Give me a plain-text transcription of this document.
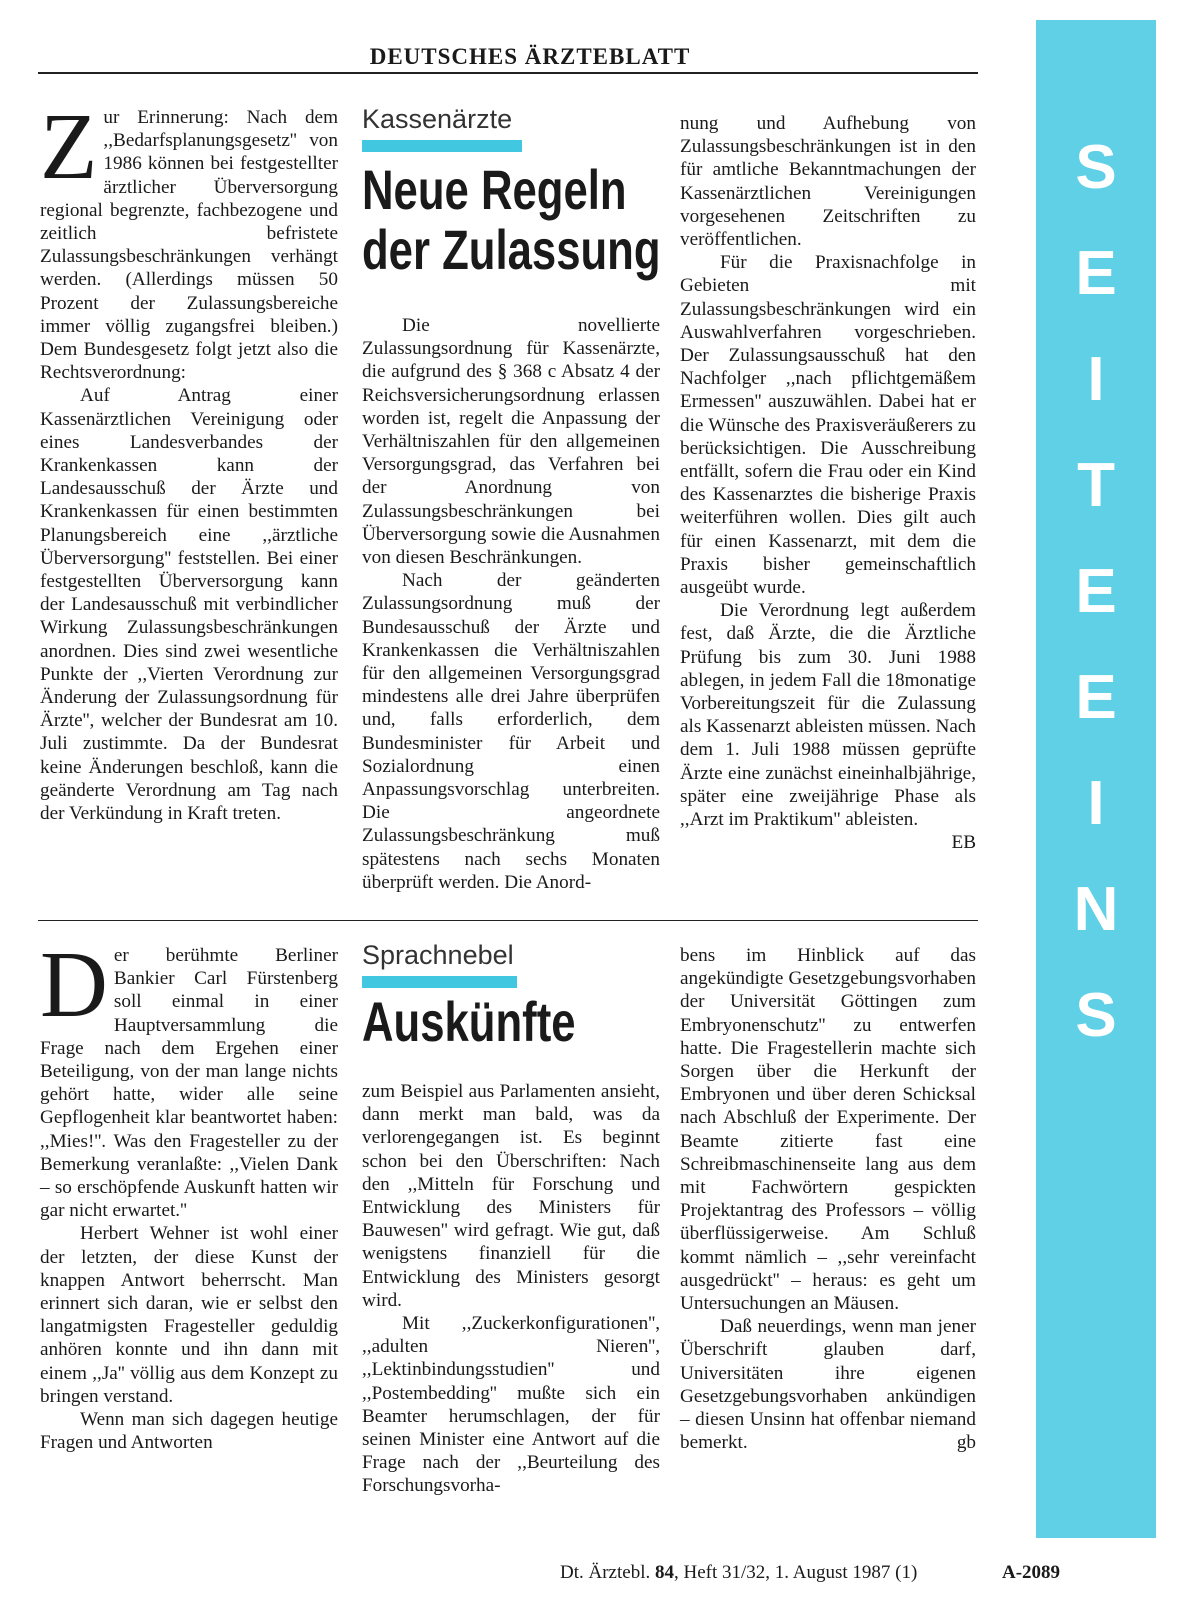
DEUTSCHES ÄRZTEBLATT
S
E
I
T
E
E
I
N
S

Zur Erinnerung: Nach dem ,,Bedarfsplanungsgesetz'' von 1986 können bei festgestellter ärztlicher Überversorgung regional begrenzte, fachbezogene und zeitlich befristete Zulassungsbeschränkungen verhängt werden. (Allerdings müssen 50 Prozent der Zulassungsbereiche immer völlig zugangsfrei bleiben.) Dem Bundesgesetz folgt jetzt also die Rechtsverordnung:

Auf Antrag einer Kassenärztlichen Vereinigung oder eines Landesverbandes der Krankenkassen kann der Landesausschuß der Ärzte und Krankenkassen für einen bestimmten Planungsbereich eine ,,ärztliche Überversorgung'' feststellen. Bei einer festgestellten Überversorgung kann der Landesausschuß mit verbindlicher Wirkung Zulassungsbeschränkungen anordnen. Dies sind zwei wesentliche Punkte der ,,Vierten Verordnung zur Änderung der Zulassungsordnung für Ärzte'', welcher der Bundesrat am 10. Juli zustimmte. Da der Bundesrat keine Änderungen beschloß, kann die geänderte Verordnung am Tag nach der Verkündung in Kraft treten.

Kassenärzte
Neue Regeln
der Zulassung

Die novellierte Zulassungsordnung für Kassenärzte, die aufgrund des § 368 c Absatz 4 der Reichsversicherungsordnung erlassen worden ist, regelt die Anpassung der Verhältniszahlen für den allgemeinen Versorgungsgrad, das Verfahren bei der Anordnung von Zulassungsbeschränkungen bei Überversorgung sowie die Ausnahmen von diesen Beschränkungen.

Nach der geänderten Zulassungsordnung muß der Bundesausschuß der Ärzte und Krankenkassen die Verhältniszahlen für den allgemeinen Versorgungsgrad mindestens alle drei Jahre überprüfen und, falls erforderlich, dem Bundesminister für Arbeit und Sozialordnung einen Anpassungsvorschlag unterbreiten. Die angeordnete Zulassungsbeschränkung muß spätestens nach sechs Monaten überprüft werden. Die Anord-

nung und Aufhebung von Zulassungsbeschränkungen ist in den für amtliche Bekanntmachungen der Kassenärztlichen Vereinigungen vorgesehenen Zeitschriften zu veröffentlichen.

Für die Praxisnachfolge in Gebieten mit Zulassungsbeschränkungen wird ein Auswahlverfahren vorgeschrieben. Der Zulassungsausschuß hat den Nachfolger ,,nach pflichtgemäßem Ermessen'' auszuwählen. Dabei hat er die Wünsche des Praxisveräußerers zu berücksichtigen. Die Ausschreibung entfällt, sofern die Frau oder ein Kind des Kassenarztes die bisherige Praxis weiterführen wollen. Dies gilt auch für einen Kassenarzt, mit dem die Praxis bisher gemeinschaftlich ausgeübt wurde.

Die Verordnung legt außerdem fest, daß Ärzte, die die Ärztliche Prüfung bis zum 30. Juni 1988 ablegen, in jedem Fall die 18monatige Vorbereitungszeit für die Zulassung als Kassenarzt ableisten müssen. Nach dem 1. Juli 1988 müssen geprüfte Ärzte eine zunächst eineinhalbjährige, später eine zweijährige Phase als ,,Arzt im Praktikum'' ableisten.
EB

Der berühmte Berliner Bankier Carl Fürstenberg soll einmal in einer Hauptversammlung die Frage nach dem Ergehen einer Beteiligung, von der man lange nichts gehört hatte, wider alle seine Gepflogenheit klar beantwortet haben: ,,Mies!''. Was den Fragesteller zu der Bemerkung veranlaßte: ,,Vielen Dank – so erschöpfende Auskunft hatten wir gar nicht erwartet.''

Herbert Wehner ist wohl einer der letzten, der diese Kunst der knappen Antwort beherrscht. Man erinnert sich daran, wie er selbst den langatmigsten Fragesteller geduldig anhören konnte und ihn dann mit einem ,,Ja'' völlig aus dem Konzept zu bringen verstand.

Wenn man sich dagegen heutige Fragen und Antworten

Sprachnebel
Auskünfte

zum Beispiel aus Parlamenten ansieht, dann merkt man bald, was da verlorengegangen ist. Es beginnt schon bei den Überschriften: Nach den ,,Mitteln für Forschung und Entwicklung des Ministers für Bauwesen'' wird gefragt. Wie gut, daß wenigstens finanziell für die Entwicklung des Ministers gesorgt wird.

Mit ,,Zuckerkonfigurationen'', ,,adulten Nieren'', ,,Lektinbindungsstudien'' und ,,Postembedding'' mußte sich ein Beamter herumschlagen, der für seinen Minister eine Antwort auf die Frage nach der ,,Beurteilung des Forschungsvorha-

bens im Hinblick auf das angekündigte Gesetzgebungsvorhaben der Universität Göttingen zum Embryonenschutz'' zu entwerfen hatte. Die Fragestellerin machte sich Sorgen über die Herkunft der Embryonen und über deren Schicksal nach Abschluß der Experimente. Der Beamte zitierte fast eine Schreibmaschinenseite lang aus dem mit Fachwörtern gespickten Projektantrag des Professors – völlig überflüssigerweise. Am Schluß kommt nämlich – ,,sehr vereinfacht ausgedrückt'' – heraus: es geht um Untersuchungen an Mäusen.

Daß neuerdings, wenn man jener Überschrift glauben darf, Universitäten ihre eigenen Gesetzgebungsvorhaben ankündigen – diesen Unsinn hat offenbar niemand bemerkt.	gb

Dt. Ärztebl. 84, Heft 31/32, 1. August 1987 (1)	A-2089
